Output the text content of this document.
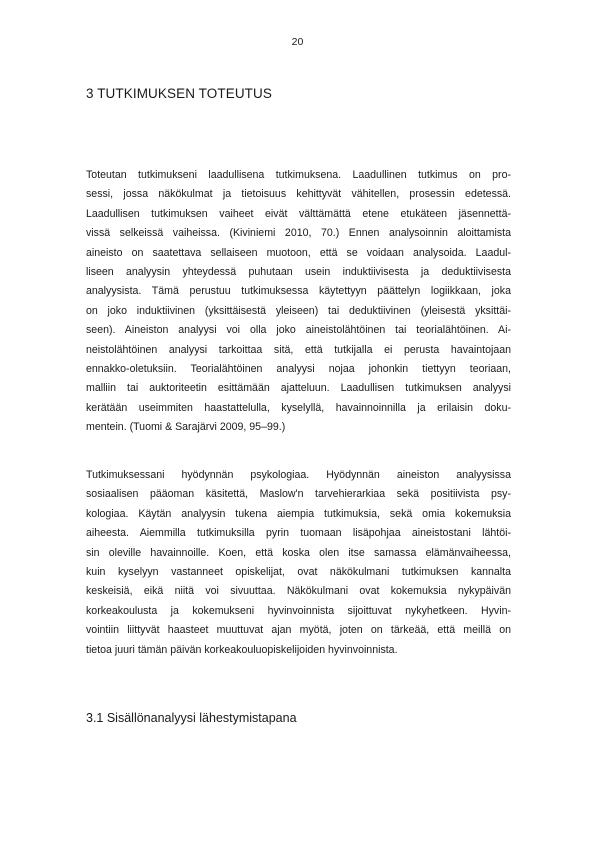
20
3 TUTKIMUKSEN TOTEUTUS

Toteutan tutkimukseni laadullisena tutkimuksena. Laadullinen tutkimus on pro-
sessi, jossa näkökulmat ja tietoisuus kehittyvät vähitellen, prosessin edetessä.
Laadullisen tutkimuksen vaiheet eivät välttämättä etene etukäteen jäsennettä-
vissä selkeissä vaiheissa. (Kiviniemi 2010, 70.) Ennen analysoinnin aloittamista
aineisto on saatettava sellaiseen muotoon, että se voidaan analysoida. Laadul-
liseen analyysin yhteydessä puhutaan usein induktiivisesta ja deduktiivisesta
analyysista. Tämä perustuu tutkimuksessa käytettyyn päättelyn logiikkaan, joka
on joko induktiivinen (yksittäisestä yleiseen) tai deduktiivinen (yleisestä yksittäi-
seen). Aineiston analyysi voi olla joko aineistolähtöinen tai teorialähtöinen. Ai-
neistolähtöinen analyysi tarkoittaa sitä, että tutkijalla ei perusta havaintojaan
ennakko-oletuksiin. Teorialähtöinen analyysi nojaa johonkin tiettyyn teoriaan,
malliin tai auktoriteetin esittämään ajatteluun. Laadullisen tutkimuksen analyysi
kerätään useimmiten haastattelulla, kyselyllä, havainnoinnilla ja erilaisin doku-
mentein. (Tuomi & Sarajärvi 2009, 95–99.)

Tutkimuksessani hyödynnän psykologiaa. Hyödynnän aineiston analyysissa
sosiaalisen pääoman käsitettä, Maslow'n tarvehierarkiaa sekä positiivista psy-
kologiaa. Käytän analyysin tukena aiempia tutkimuksia, sekä omia kokemuksia
aiheesta. Aiemmilla tutkimuksilla pyrin tuomaan lisäpohjaa aineistostani lähtöi-
sin oleville havainnoille. Koen, että koska olen itse samassa elämänvaiheessa,
kuin kyselyyn vastanneet opiskelijat, ovat näkökulmani tutkimuksen kannalta
keskeisiä, eikä niitä voi sivuuttaa. Näkökulmani ovat kokemuksia nykypäivän
korkeakoulusta ja kokemukseni hyvinvoinnista sijoittuvat nykyhetkeen. Hyvin-
vointiin liittyvät haasteet muuttuvat ajan myötä, joten on tärkeää, että meillä on
tietoa juuri tämän päivän korkeakouluopiskelijoiden hyvinvoinnista.

3.1 Sisällönanalyysi lähestymistapana
